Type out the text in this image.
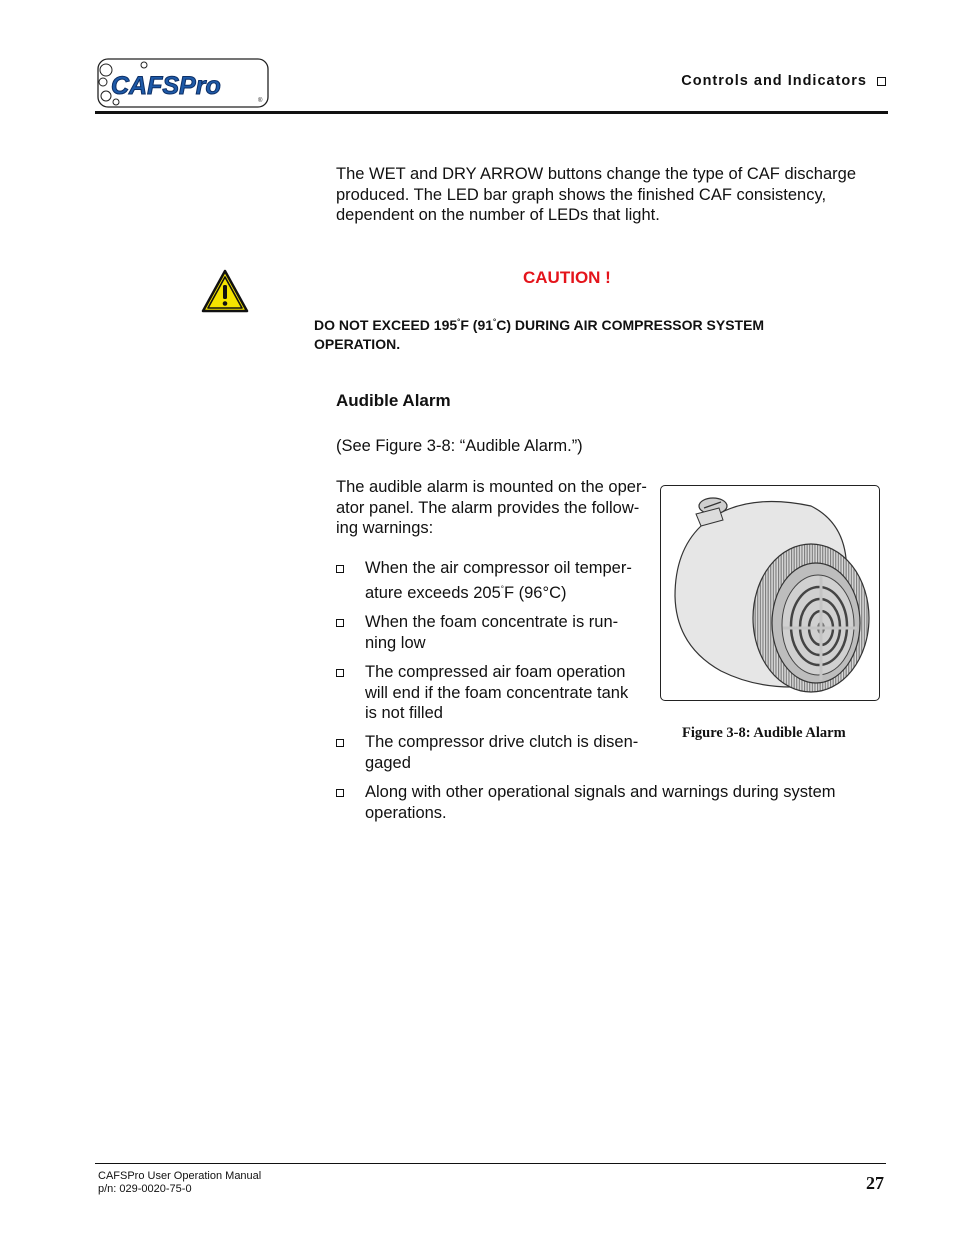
CAFSPro
®
Controls and Indicators
The WET and DRY ARROW buttons change the type of CAF discharge produced. The LED bar graph shows the finished CAF consistency, dependent on the number of LEDs that light.
CAUTION !
DO NOT EXCEED 195°F (91°C) DURING AIR COMPRESSOR SYSTEM OPERATION.
Audible Alarm
(See Figure 3-8: “Audible Alarm.”)
The audible alarm is mounted on the oper-
ator panel. The alarm provides the follow-
ing warnings:
When the air compressor oil temper-
ature exceeds 205°F (96°C)
When the foam concentrate is run-
ning low
The compressed air foam operation
will end if the foam concentrate tank
is not filled
The compressor drive clutch is disen-
gaged
Along with other operational signals and warnings during system
operations.
Figure 3-8: Audible Alarm
CAFSPro User Operation Manual
p/n: 029-0020-75-0	27
